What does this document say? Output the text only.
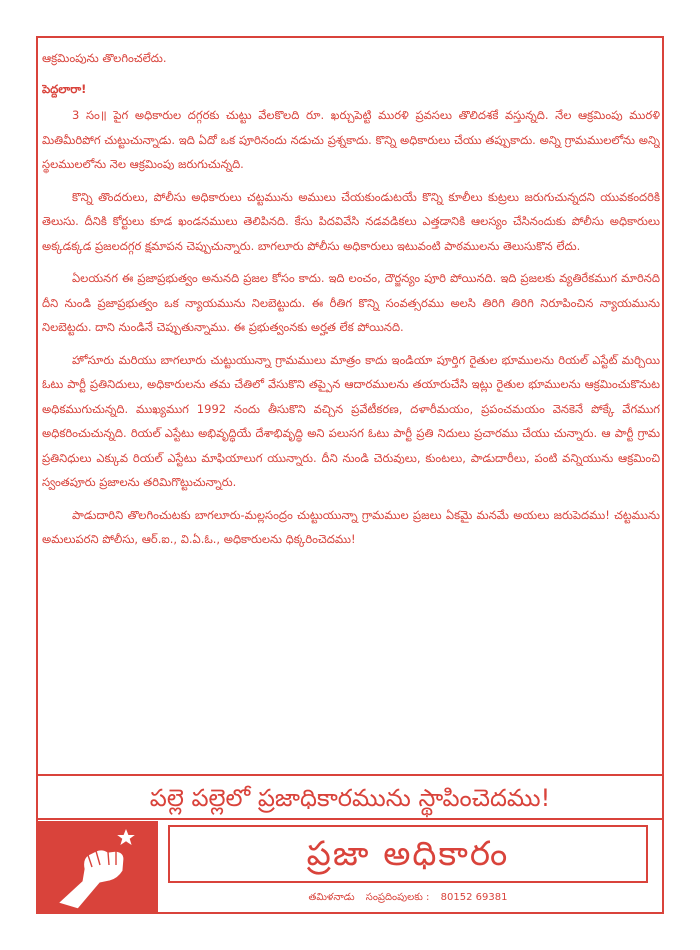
ఆక్రమింపును తొలగించలేదు.

పెద్దలారా!

3 సం॥ పైగ అధికారుల దగ్గరకు చుట్టు వేలకొలది రూ. ఖర్చుపెట్టి మురళి ప్రవసలు తొలిదశకే వస్తున్నది. నేల ఆక్రమింపు మురళి మితిమీరిపోగ చుట్టుచున్నాడు. ఇది ఏదో ఒక పూరినందు నడుచు ప్రశ్నకాదు. కొన్ని అధికారులు చేయు తప్పుకాదు. అన్ని గ్రామములలోను అన్ని స్థలములలోను నెల ఆక్రమింపు జరుగుచున్నది.

కొన్ని తొందరులు, పోలీసు అధికారులు చట్టమును అములు చేయకుండుటయే కొన్ని కూలీలు కుట్రలు జరుగుచున్నదని యువకందరికి తెలుసు. దీనికి కోర్టులు కూడ ఖండనములు తెలిపినది. కేసు పిదవివేసి నడవడికలు ఎత్తడానికి ఆలస్యం చేసినందుకు పోలీసు అధికారులు అక్కడక్కడ ప్రజలదగ్గర క్షమాపన చెప్పుచున్నారు. బాగలూరు పోలీసు అధికారులు ఇటువంటి పాఠములను తెలుసుకొన లేదు.

ఏలయనగ ఈ ప్రజాప్రభుత్వం అనునది ప్రజల కోసం కాదు. ఇది లంచం, దౌర్జన్యం పూరి పోయినది. ఇది ప్రజలకు వ్యతిరేకముగ మారినది దీని నుండి ప్రజాప్రభుత్వం ఒక న్యాయమును నిలబెట్టుదు. ఈ రీతిగ కొన్ని సంవత్సరము అలసి తిరిగి తిరిగి నిరూపించిన న్యాయమును నిలబెట్టదు. దాని నుండినే చెప్పుతున్నాము. ఈ ప్రభుత్వంనకు అర్హత లేక పోయినది.

హోసూరు మరియు బాగలూరు చుట్టుయున్నా గ్రామములు మాత్రం కాదు ఇండియా పూర్తిగ రైతుల భూములను రియల్ ఎస్టేట్ మర్చియి ఓటు పార్టీ ప్రతినిదులు, అధికారులను తమ చేతిలో వేసుకొని తప్పైన ఆదారములను తయారుచేసి ఇట్లు రైతుల భూములను ఆక్రమించుకొనుట అధికముగుచున్నది. ముఖ్యముగ 1992 నందు తీసుకొని వచ్చిన ప్రవేటీకరణ, దళారీమయం, ప్రపంచమయం వెనకెనే పోక్కే వేగముగ అధికరించుచున్నది. రియల్ ఎస్టేటు అభివృద్ధియే దేశాభివృద్ధి అని పలుసగ ఓటు పార్టీ ప్రతి నిదులు ప్రచారము చేయు చున్నారు. ఆ పార్టీ గ్రామ ప్రతినిధులు ఎక్కువ రియల్ ఎస్టేటు మాఫియాలుగ యున్నారు. దీని నుండి చెరువులు, కుంటలు, పాడుదారీలు, పంటి వన్నియును ఆక్రమించి స్వంతపూరు ప్రజాలను తరిమిగొట్టుచున్నారు.

పాడుదారిని తొలగించుటకు బాగలూరు-మల్లసంద్రం చుట్టుయున్నా గ్రామముల ప్రజలు ఏకమై మనమే అయలు జరుపెదము! చట్టమును అమలుపరని పోలీసు, ఆర్.ఐ., వి.ఏ.ఓ., అధికారులను ధిక్కరించెదము!

పల్లె పల్లెలో ప్రజాధికారమును స్థాపించెదము!
ప్రజా అధికారం
తమిళనాడు సంప్రదింపులకు : 80152 69381
